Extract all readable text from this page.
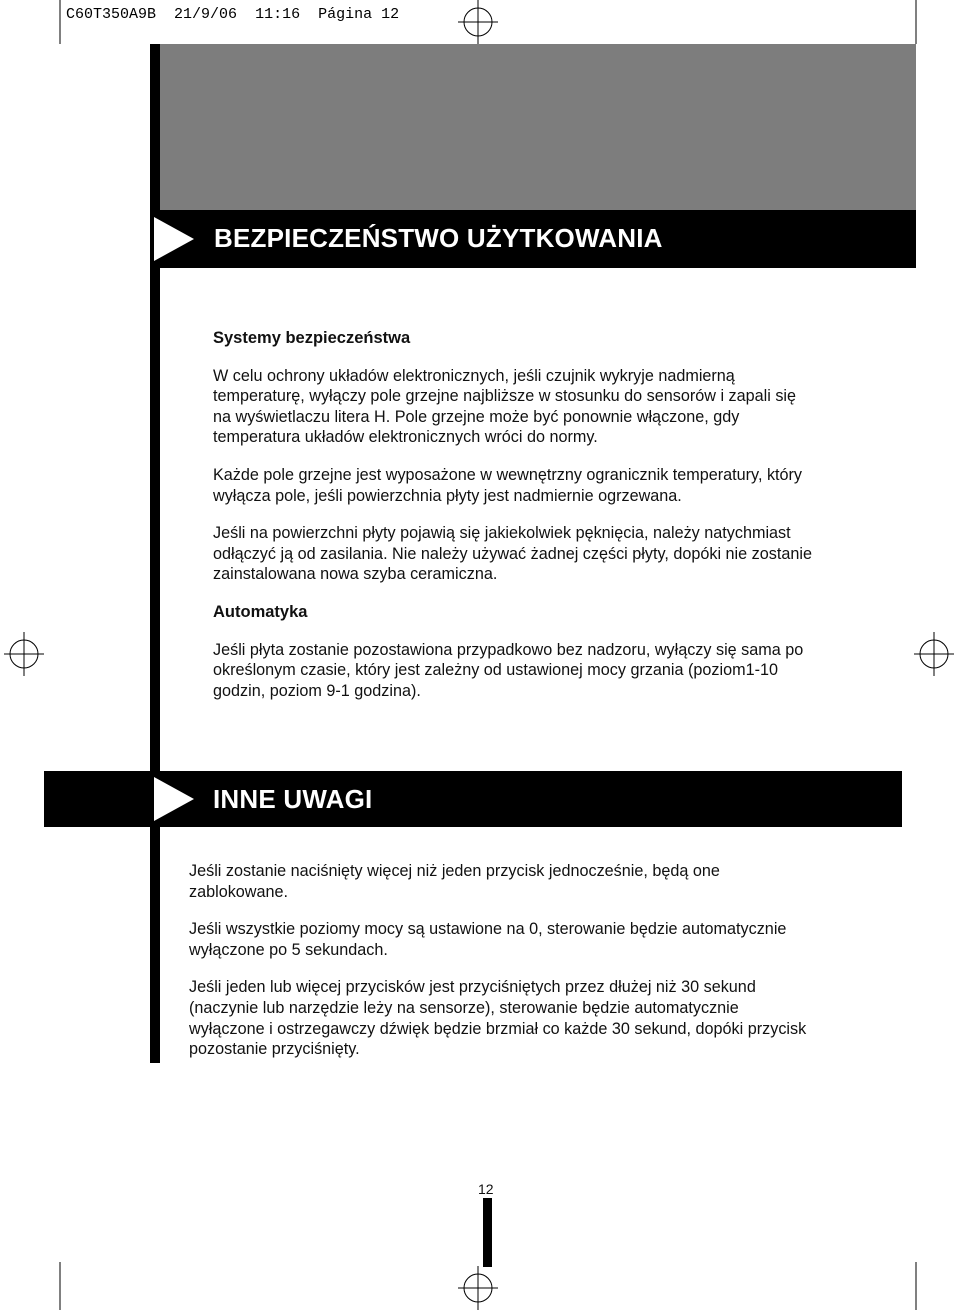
C60T350A9B 21/9/06 11:16 Página 12
BEZPIECZEŃSTWO UŻYTKOWANIA
Systemy bezpieczeństwa

W celu ochrony układów elektronicznych, jeśli czujnik wykryje nadmierną temperaturę, wyłączy pole grzejne najbliższe w stosunku do sensorów i zapali się na wyświetlaczu litera H. Pole grzejne może być ponownie włączone, gdy temperatura układów elektronicznych wróci do normy.

Każde pole grzejne jest wyposażone w wewnętrzny ogranicznik temperatury, który wyłącza pole, jeśli powierzchnia płyty jest nadmiernie ogrzewana.

Jeśli na powierzchni płyty pojawią się jakiekolwiek pęknięcia, należy natychmiast odłączyć ją od zasilania. Nie należy używać żadnej części płyty, dopóki nie zostanie zainstalowana nowa szyba ceramiczna.

Automatyka

Jeśli płyta zostanie pozostawiona przypadkowo bez nadzoru, wyłączy się sama po określonym czasie, który jest zależny od ustawionej mocy grzania (poziom1-10 godzin, poziom 9-1 godzina).

INNE UWAGI

Jeśli zostanie naciśnięty więcej niż jeden przycisk jednocześnie, będą one zablokowane.

Jeśli wszystkie poziomy mocy są ustawione na 0, sterowanie będzie automatycznie wyłączone po 5 sekundach.

Jeśli jeden lub więcej przycisków jest przyciśniętych przez dłużej niż 30 sekund (naczynie lub narzędzie leży na sensorze), sterowanie będzie automatycznie wyłączone i ostrzegawczy dźwięk będzie brzmiał co każde 30 sekund, dopóki przycisk pozostanie przyciśnięty.

12
